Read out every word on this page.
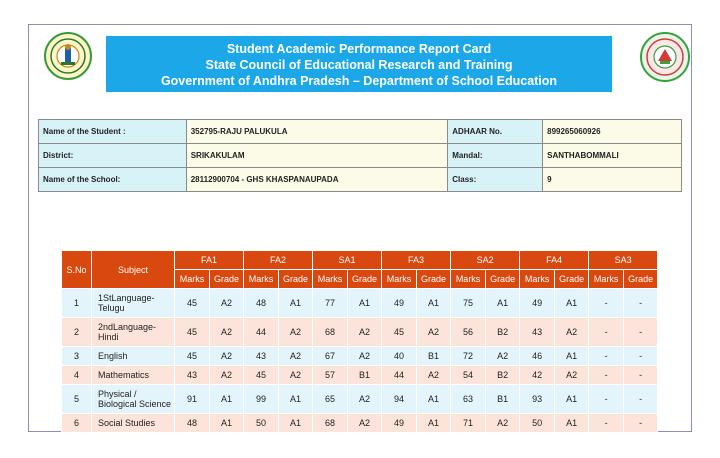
Student Academic Performance Report Card
State Council of Educational Research and Training
Government of Andhra Pradesh – Department of School Education
Name of the Student :	352795-RAJU PALUKULA	ADHAAR No.	899265060926
District:	SRIKAKULAM	Mandal:	SANTHABOMMALI
Name of the School:	28112900704 - GHS KHASPANAUPADA	Class:	9
S.No	Subject	FA1		FA2		SA1		FA3		SA2		FA4		SA3	
		Marks	Grade	Marks	Grade	Marks	Grade	Marks	Grade	Marks	Grade	Marks	Grade	Marks	Grade
1	1StLanguage-Telugu	45	A2	48	A1	77	A1	49	A1	75	A1	49	A1	-	-
2	2ndLanguage-Hindi	45	A2	44	A2	68	A2	45	A2	56	B2	43	A2	-	-
3	English	45	A2	43	A2	67	A2	40	B1	72	A2	46	A1	-	-
4	Mathematics	43	A2	45	A2	57	B1	44	A2	54	B2	42	A2	-	-
5	Physical / Biological Science	91	A1	99	A1	65	A2	94	A1	63	B1	93	A1	-	-
6	Social Studies	48	A1	50	A1	68	A2	49	A1	71	A2	50	A1	-	-
